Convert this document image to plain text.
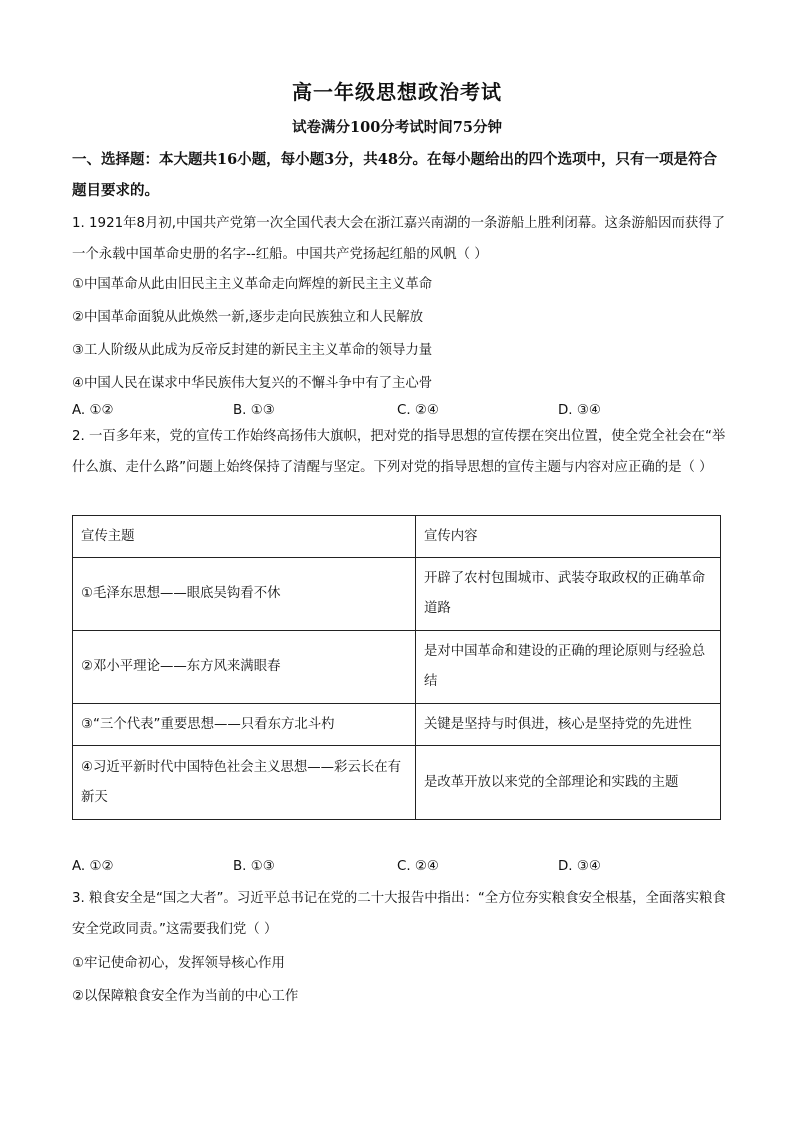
高一年级思想政治考试
试卷满分100分考试时间75分钟
一、选择题：本大题共16小题，每小题3分，共48分。在每小题给出的四个选项中，只有一项是符合题目要求的。
1. 1921年8月初,中国共产党第一次全国代表大会在浙江嘉兴南湖的一条游船上胜利闭幕。这条游船因而获得了一个永载中国革命史册的名字--红船。中国共产党扬起红船的风帆（ ）
①中国革命从此由旧民主主义革命走向辉煌的新民主主义革命
②中国革命面貌从此焕然一新,逐步走向民族独立和人民解放
③工人阶级从此成为反帝反封建的新民主主义革命的领导力量
④中国人民在谋求中华民族伟大复兴的不懈斗争中有了主心骨
A. ①②	B. ①③	C. ②④	D. ③④
2. 一百多年来，党的宣传工作始终高扬伟大旗帜，把对党的指导思想的宣传摆在突出位置，使全党全社会在“举什么旗、走什么路”问题上始终保持了清醒与坚定。下列对党的指导思想的宣传主题与内容对应正确的是（ ）
宣传主题	宣传内容
①毛泽东思想——眼底吴钩看不休	开辟了农村包围城市、武装夺取政权的正确革命道路
②邓小平理论——东方风来满眼春	是对中国革命和建设的正确的理论原则与经验总结
③“三个代表”重要思想——只看东方北斗杓	关键是坚持与时俱进，核心是坚持党的先进性
④习近平新时代中国特色社会主义思想——彩云长在有新天	是改革开放以来党的全部理论和实践的主题
A. ①②	B. ①③	C. ②④	D. ③④
3. 粮食安全是“国之大者”。习近平总书记在党的二十大报告中指出：“全方位夯实粮食安全根基，全面落实粮食安全党政同责。”这需要我们党（ ）
①牢记使命初心，发挥领导核心作用
②以保障粮食安全作为当前的中心工作
